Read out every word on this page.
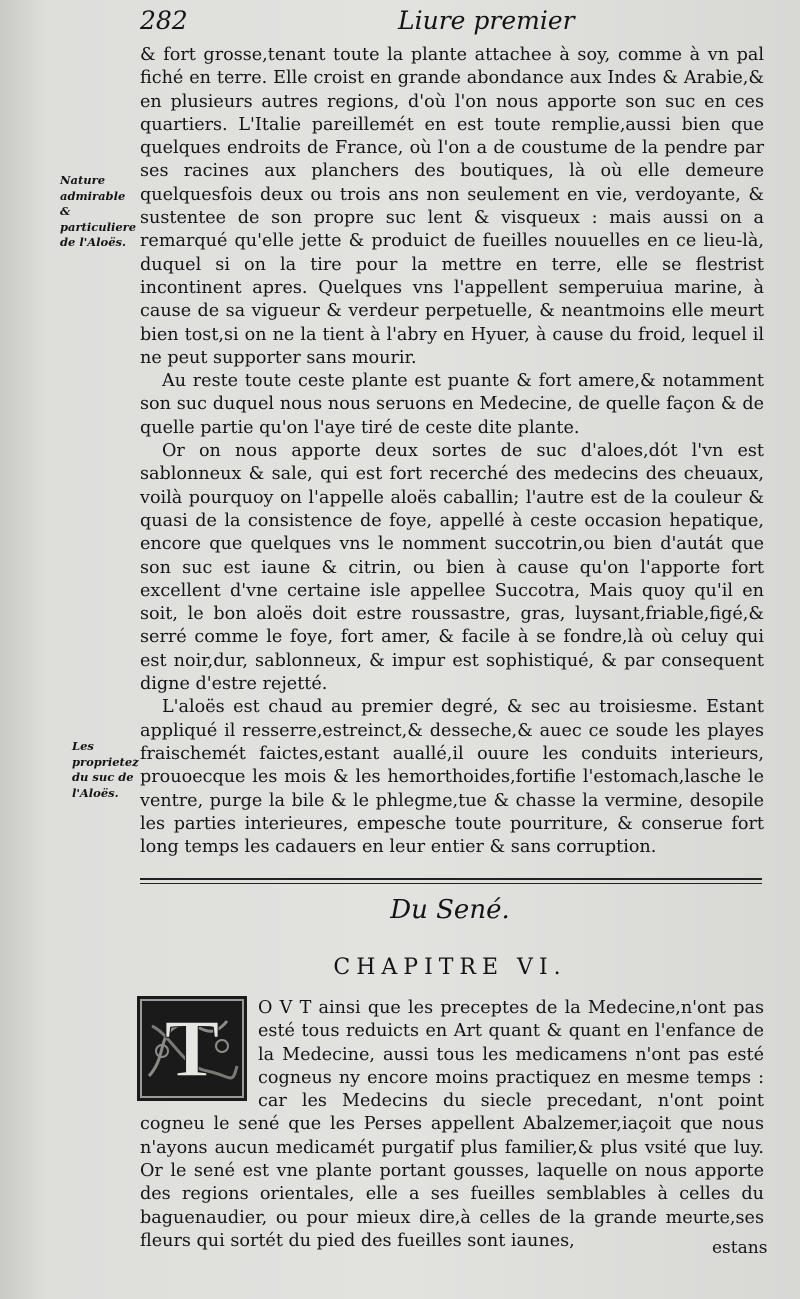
282	Liure premier
Nature admirable & particuliere de l'Aloës.
Les proprietez du suc de l'Aloës.

& fort grosse,tenant toute la plante attachee à soy, comme à vn pal fiché en terre. Elle croist en grande abondance aux Indes & Arabie,& en plusieurs autres regions, d'où l'on nous apporte son suc en ces quartiers. L'Italie pareillemét en est toute remplie,aussi bien que quelques endroits de France, où l'on a de coustume de la pendre par ses racines aux planchers des boutiques, là où elle demeure quelquesfois deux ou trois ans non seulement en vie, verdoyante, & sustentee de son propre suc lent & visqueux : mais aussi on a remarqué qu'elle jette & produict de fueilles nouuelles en ce lieu-là, duquel si on la tire pour la mettre en terre, elle se flestrist incontinent apres. Quelques vns l'appellent semperuiua marine, à cause de sa vigueur & verdeur perpetuelle, & neantmoins elle meurt bien tost,si on ne la tient à l'abry en Hyuer, à cause du froid, lequel il ne peut supporter sans mourir.

Au reste toute ceste plante est puante & fort amere,& notamment son suc duquel nous nous seruons en Medecine, de quelle façon & de quelle partie qu'on l'aye tiré de ceste dite plante.

Or on nous apporte deux sortes de suc d'aloes,dót l'vn est sablonneux & sale, qui est fort recerché des medecins des cheuaux, voilà pourquoy on l'appelle aloës caballin; l'autre est de la couleur & quasi de la consistence de foye, appellé à ceste occasion hepatique, encore que quelques vns le nomment succotrin,ou bien d'autát que son suc est iaune & citrin, ou bien à cause qu'on l'apporte fort excellent d'vne certaine isle appellee Succotra, Mais quoy qu'il en soit, le bon aloës doit estre roussastre, gras, luysant,friable,figé,& serré comme le foye, fort amer, & facile à se fondre,là où celuy qui est noir,dur, sablonneux, & impur est sophistiqué, & par consequent digne d'estre rejetté.

L'aloës est chaud au premier degré, & sec au troisiesme. Estant appliqué il resserre,estreinct,& desseche,& auec ce soude les playes fraischemét faictes,estant auallé,il ouure les conduits interieurs, prouoecque les mois & les hemorthoides,fortifie l'estomach,lasche le ventre, purge la bile & le phlegme,tue & chasse la vermine, desopile les parties interieures, empesche toute pourriture, & conserue fort long temps les cadauers en leur entier & sans corruption.

Du Sené.
CHAPITRE VI.
T	O V T ainsi que les preceptes de la Medecine,n'ont pas esté tous reduicts en Art quant & quant en l'enfance de la Medecine, aussi tous les medicamens n'ont pas esté cogneus ny encore moins practiquez en mesme temps : car les Medecins du siecle precedant, n'ont point cogneu le sené que les Perses appellent Abalzemer,iaçoit que nous n'ayons aucun medicamét purgatif plus familier,& plus vsité que luy. Or le sené est vne plante portant gousses, laquelle on nous apporte des regions orientales, elle a ses fueilles semblables à celles du baguenaudier, ou pour mieux dire,à celles de la grande meurte,ses fleurs qui sortét du pied des fueilles sont iaunes,	estans
